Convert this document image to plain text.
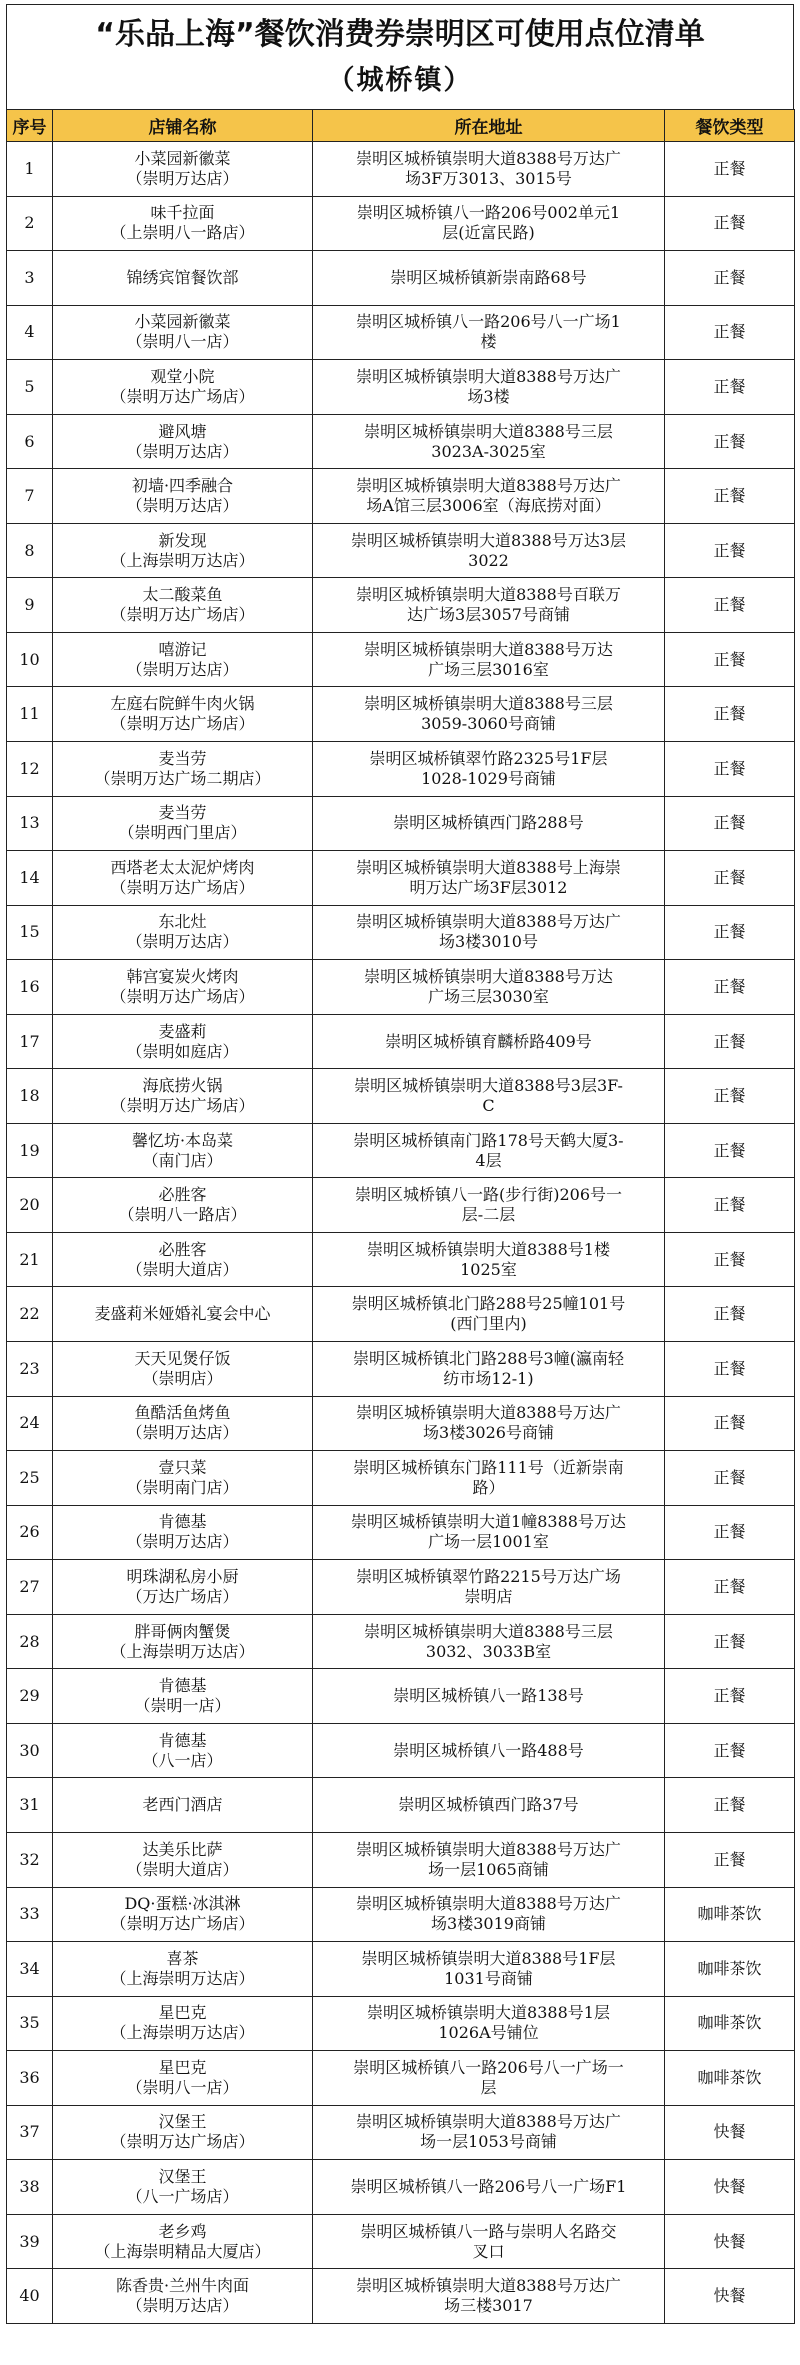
“乐品上海”餐饮消费券崇明区可使用点位清单
（城桥镇）
序号	店铺名称	所在地址	餐饮类型
1	小菜园新徽菜
（崇明万达店）	崇明区城桥镇崇明大道8388号万达广
场3F万3013、3015号	正餐
2	味千拉面
（上崇明八一路店）	崇明区城桥镇八一路206号002单元1
层(近富民路)	正餐
3	锦绣宾馆餐饮部	崇明区城桥镇新崇南路68号	正餐
4	小菜园新徽菜
（崇明八一店）	崇明区城桥镇八一路206号八一广场1
楼	正餐
5	观堂小院
（崇明万达广场店）	崇明区城桥镇崇明大道8388号万达广
场3楼	正餐
6	避风塘
（崇明万达店）	崇明区城桥镇崇明大道8388号三层
3023A-3025室	正餐
7	初墙·四季融合
（崇明万达店）	崇明区城桥镇崇明大道8388号万达广
场A馆三层3006室（海底捞对面）	正餐
8	新发现
（上海崇明万达店）	崇明区城桥镇崇明大道8388号万达3层
3022	正餐
9	太二酸菜鱼
（崇明万达广场店）	崇明区城桥镇崇明大道8388号百联万
达广场3层3057号商铺	正餐
10	嘻游记
（崇明万达店）	崇明区城桥镇崇明大道8388号万达
广场三层3016室	正餐
11	左庭右院鲜牛肉火锅
（崇明万达广场店）	崇明区城桥镇崇明大道8388号三层
3059-3060号商铺	正餐
12	麦当劳
（崇明万达广场二期店）	崇明区城桥镇翠竹路2325号1F层
1028-1029号商铺	正餐
13	麦当劳
（崇明西门里店）	崇明区城桥镇西门路288号	正餐
14	西塔老太太泥炉烤肉
（崇明万达广场店）	崇明区城桥镇崇明大道8388号上海崇
明万达广场3F层3012	正餐
15	东北灶
（崇明万达店）	崇明区城桥镇崇明大道8388号万达广
场3楼3010号	正餐
16	韩宫宴炭火烤肉
（崇明万达广场店）	崇明区城桥镇崇明大道8388号万达
广场三层3030室	正餐
17	麦盛莉
（崇明如庭店）	崇明区城桥镇育麟桥路409号	正餐
18	海底捞火锅
（崇明万达广场店）	崇明区城桥镇崇明大道8388号3层3F-
C	正餐
19	馨忆坊·本岛菜
（南门店）	崇明区城桥镇南门路178号天鹤大厦3-
4层	正餐
20	必胜客
（崇明八一路店）	崇明区城桥镇八一路(步行街)206号一
层-二层	正餐
21	必胜客
（崇明大道店）	崇明区城桥镇崇明大道8388号1楼
1025室	正餐
22	麦盛莉米娅婚礼宴会中心	崇明区城桥镇北门路288号25幢101号
(西门里内)	正餐
23	天天见煲仔饭
（崇明店）	崇明区城桥镇北门路288号3幢(瀛南轻
纺市场12-1)	正餐
24	鱼酷活鱼烤鱼
（崇明万达店）	崇明区城桥镇崇明大道8388号万达广
场3楼3026号商铺	正餐
25	壹只菜
（崇明南门店）	崇明区城桥镇东门路111号（近新崇南
路）	正餐
26	肯德基
（崇明万达店）	崇明区城桥镇崇明大道1幢8388号万达
广场一层1001室	正餐
27	明珠湖私房小厨
（万达广场店）	崇明区城桥镇翠竹路2215号万达广场
崇明店	正餐
28	胖哥俩肉蟹煲
（上海崇明万达店）	崇明区城桥镇崇明大道8388号三层
3032、3033B室	正餐
29	肯德基
（崇明一店）	崇明区城桥镇八一路138号	正餐
30	肯德基
（八一店）	崇明区城桥镇八一路488号	正餐
31	老西门酒店	崇明区城桥镇西门路37号	正餐
32	达美乐比萨
（崇明大道店）	崇明区城桥镇崇明大道8388号万达广
场一层1065商铺	正餐
33	DQ·蛋糕·冰淇淋
（崇明万达广场店）	崇明区城桥镇崇明大道8388号万达广
场3楼3019商铺	咖啡茶饮
34	喜茶
（上海崇明万达店）	崇明区城桥镇崇明大道8388号1F层
1031号商铺	咖啡茶饮
35	星巴克
（上海崇明万达店）	崇明区城桥镇崇明大道8388号1层
1026A号铺位	咖啡茶饮
36	星巴克
（崇明八一店）	崇明区城桥镇八一路206号八一广场一
层	咖啡茶饮
37	汉堡王
（崇明万达广场店）	崇明区城桥镇崇明大道8388号万达广
场一层1053号商铺	快餐
38	汉堡王
（八一广场店）	崇明区城桥镇八一路206号八一广场F1	快餐
39	老乡鸡
（上海崇明精品大厦店）	崇明区城桥镇八一路与崇明人名路交
叉口	快餐
40	陈香贵·兰州牛肉面
（崇明万达店）	崇明区城桥镇崇明大道8388号万达广
场三楼3017	快餐
